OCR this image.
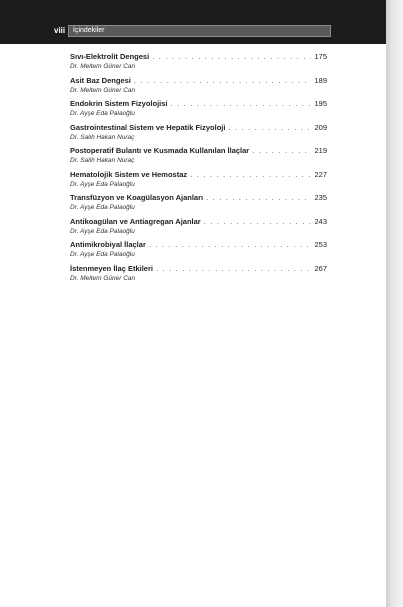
viii İçindekiler
Sıvı-Elektrolit Dengesi . . .	175
Dr. Meltem Güner Can
Asit Baz Dengesi . . .	189
Dr. Meltem Güner Can
Endokrin Sistem Fizyolojisi . . .	195
Dr. Ayşe Eda Palaoğlu
Gastrointestinal Sistem ve Hepatik Fizyoloji . . .	209
Dr. Salih Hakan Nuraç
Postoperatif Bulantı ve Kusmada Kullanılan İlaçlar . . .	219
Dr. Salih Hakan Nuraç
Hematolojik Sistem ve Hemostaz . . .	227
Dr. Ayşe Eda Palaoğlu
Transfüzyon ve Koagülasyon Ajanları . . .	235
Dr. Ayşe Eda Palaoğlu
Antikoagülan ve Antiagregan Ajanlar . . .	243
Dr. Ayşe Eda Palaoğlu
Antimikrobiyal İlaçlar . . .	253
Dr. Ayşe Eda Palaoğlu
İstenmeyen İlaç Etkileri . . .	267
Dr. Meltem Güner Can
